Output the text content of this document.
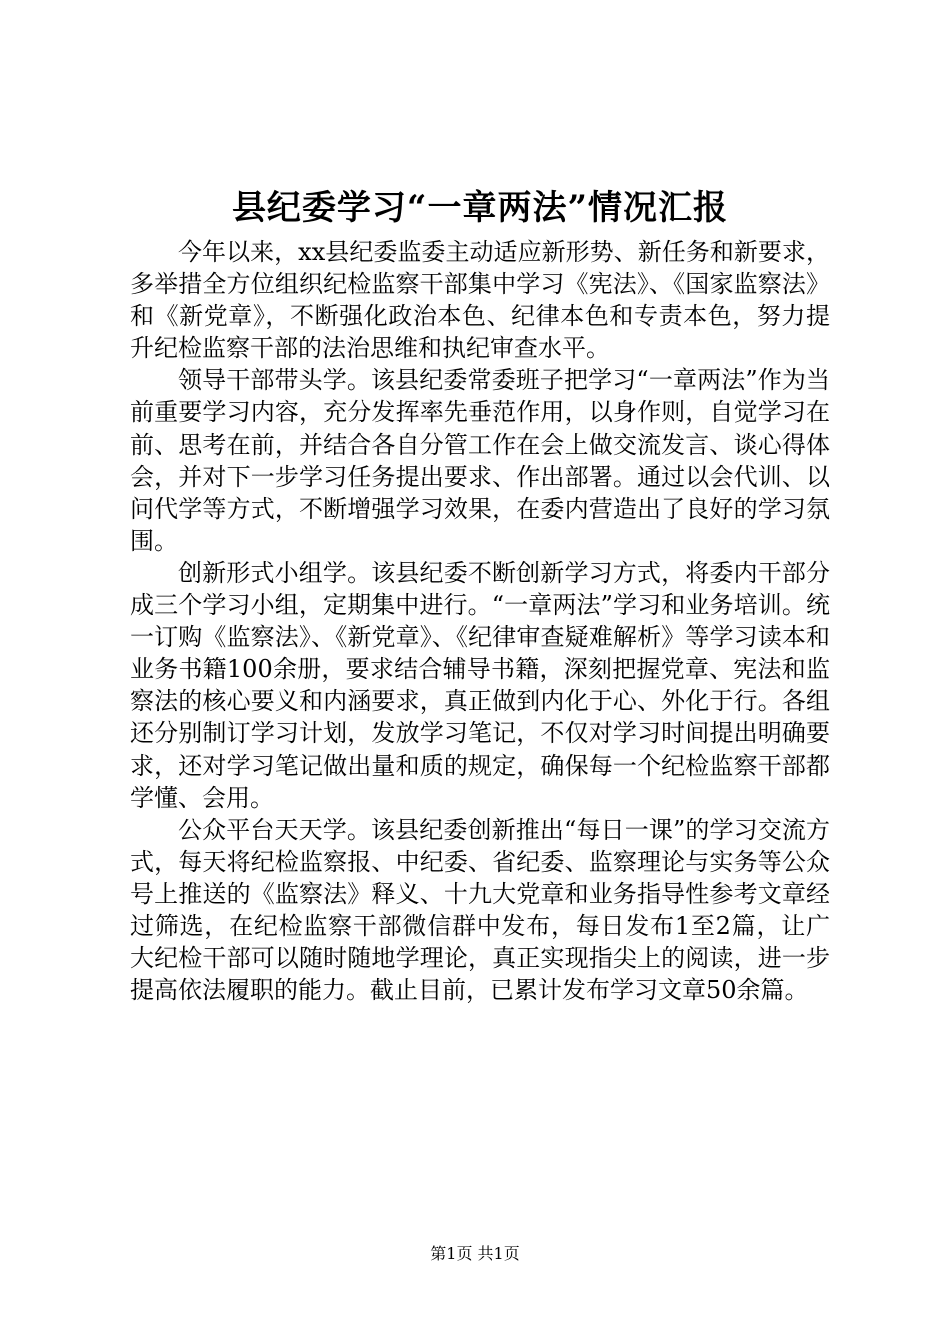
县纪委学习“一章两法”情况汇报

今年以来，xx县纪委监委主动适应新形势、新任务和新要求，多举措全方位组织纪检监察干部集中学习《宪法》、《国家监察法》和《新党章》，不断强化政治本色、纪律本色和专责本色，努力提升纪检监察干部的法治思维和执纪审查水平。

领导干部带头学。该县纪委常委班子把学习“一章两法”作为当前重要学习内容，充分发挥率先垂范作用，以身作则，自觉学习在前、思考在前，并结合各自分管工作在会上做交流发言、谈心得体会，并对下一步学习任务提出要求、作出部署。通过以会代训、以问代学等方式，不断增强学习效果，在委内营造出了良好的学习氛围。

创新形式小组学。该县纪委不断创新学习方式，将委内干部分成三个学习小组，定期集中进行。“一章两法”学习和业务培训。统一订购《监察法》、《新党章》、《纪律审查疑难解析》等学习读本和业务书籍100余册，要求结合辅导书籍，深刻把握党章、宪法和监察法的核心要义和内涵要求，真正做到内化于心、外化于行。各组还分别制订学习计划，发放学习笔记，不仅对学习时间提出明确要求，还对学习笔记做出量和质的规定，确保每一个纪检监察干部都学懂、会用。

公众平台天天学。该县纪委创新推出“每日一课”的学习交流方式，每天将纪检监察报、中纪委、省纪委、监察理论与实务等公众号上推送的《监察法》释义、十九大党章和业务指导性参考文章经过筛选，在纪检监察干部微信群中发布，每日发布1至2篇，让广大纪检干部可以随时随地学理论，真正实现指尖上的阅读，进一步提高依法履职的能力。截止目前，已累计发布学习文章50余篇。

第1页 共1页
